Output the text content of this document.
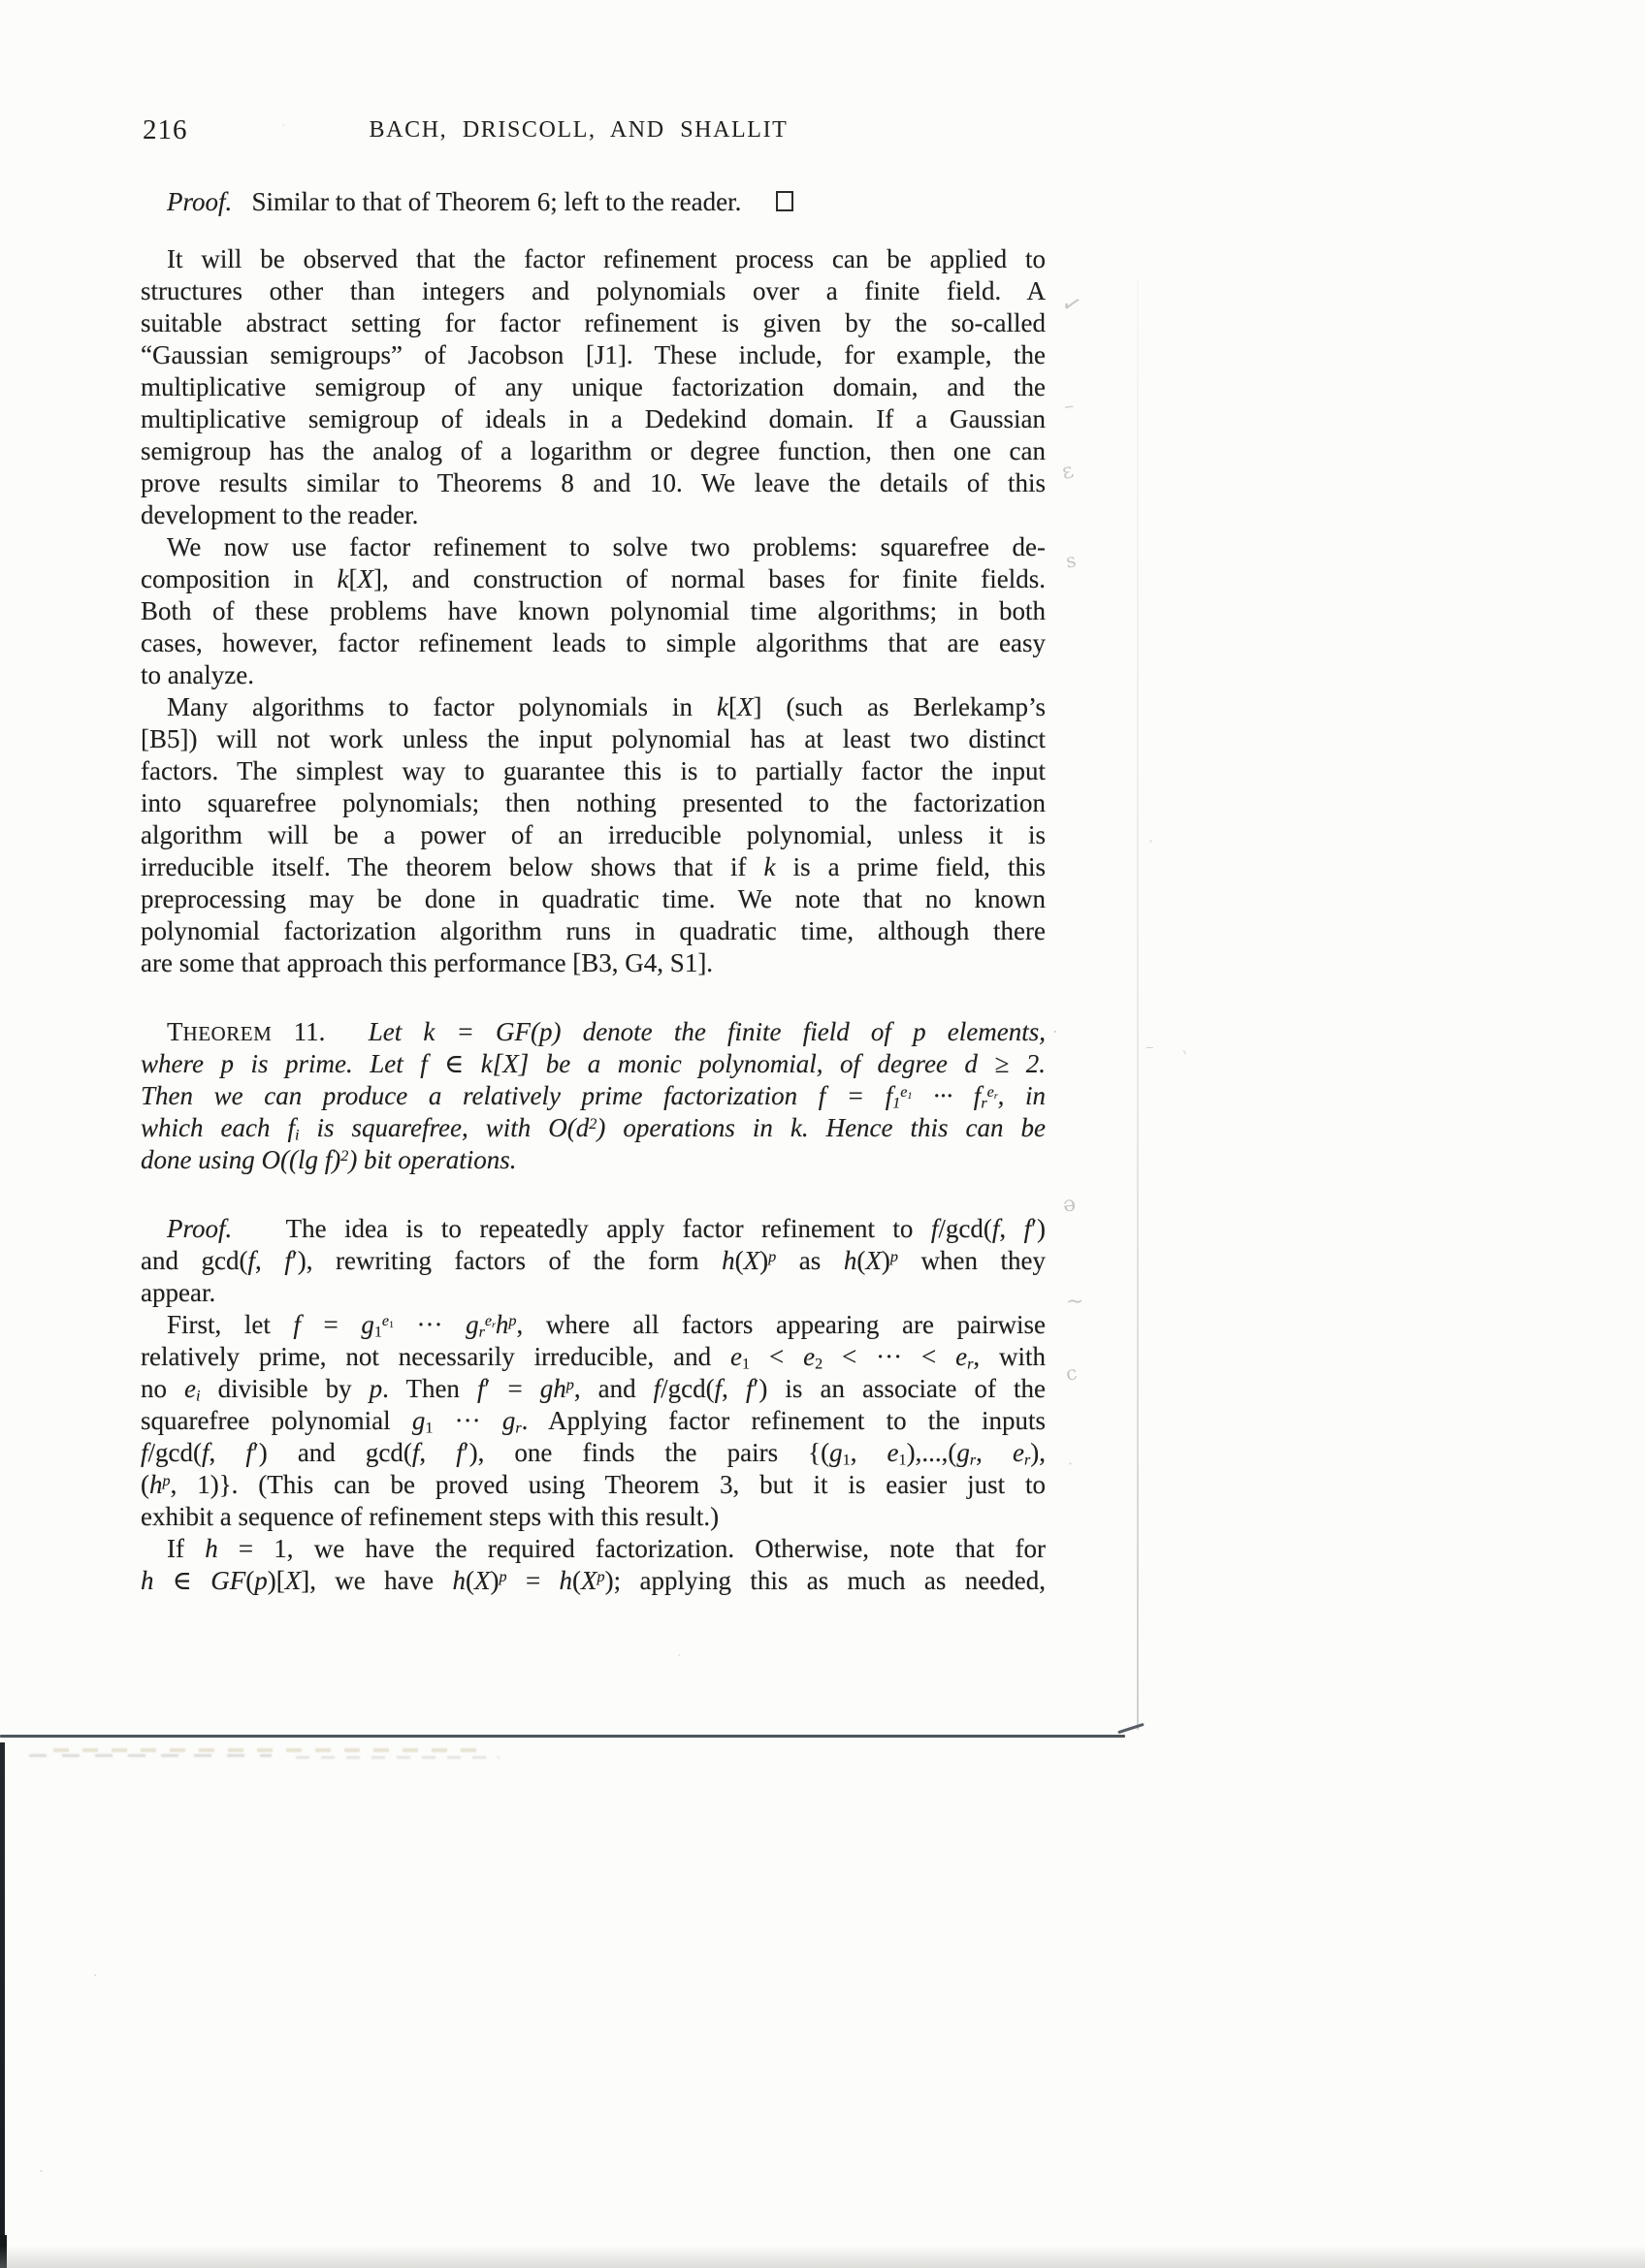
216	BACH, DRISCOLL, AND SHALLIT
Proof.   Similar to that of Theorem 6; left to the reader.
It will be observed that the factor refinement process can be applied to
structures other than integers and polynomials over a finite field. A
suitable abstract setting for factor refinement is given by the so-called
“Gaussian semigroups” of Jacobson [J1]. These include, for example, the
multiplicative semigroup of any unique factorization domain, and the
multiplicative semigroup of ideals in a Dedekind domain. If a Gaussian
semigroup has the analog of a logarithm or degree function, then one can
prove results similar to Theorems 8 and 10. We leave the details of this
development to the reader.
We now use factor refinement to solve two problems: squarefree de-
composition in k[X], and construction of normal bases for finite fields.
Both of these problems have known polynomial time algorithms; in both
cases, however, factor refinement leads to simple algorithms that are easy
to analyze.
Many algorithms to factor polynomials in k[X] (such as Berlekamp’s
[B5]) will not work unless the input polynomial has at least two distinct
factors. The simplest way to guarantee this is to partially factor the input
into squarefree polynomials; then nothing presented to the factorization
algorithm will be a power of an irreducible polynomial, unless it is
irreducible itself. The theorem below shows that if k is a prime field, this
preprocessing may be done in quadratic time. We note that no known
polynomial factorization algorithm runs in quadratic time, although there
are some that approach this performance [B3, G4, S1].
THEOREM 11. Let k = GF(p) denote the finite field of p elements,
where p is prime. Let f ∈ k[X] be a monic polynomial, of degree d ≥ 2.
Then we can produce a relatively prime factorization $f = f_1^{e_1}$ ··· $f_r^{e_r}$, in
which each $f_i$ is squarefree, with $O(d^2)$ operations in k. Hence this can be
done using O((lg f)$^2$) bit operations.
Proof.   The idea is to repeatedly apply factor refinement to f/gcd(f, f′)
and gcd(f, f′), rewriting factors of the form $h(X)^p$ as $h(X)^p$ when they
appear.
First, let $f = g_1^{e_1}$ ··· $g_r^{e_r}h^p$, where all factors appearing are pairwise
relatively prime, not necessarily irreducible, and $e_1 < e_2$ < ··· < $e_r$, with
no $e_i$ divisible by p. Then $f' = gh^p$, and f/gcd(f, f′) is an associate of the
squarefree polynomial $g_1$ ··· $g_r$. Applying factor refinement to the inputs
f/gcd(f, f′) and gcd(f, f′), one finds the pairs {($g_1$, $e_1),...,(g_r$, $e_r$),
($h^p$, 1)}. (This can be proved using Theorem 3, but it is easier just to
exhibit a sequence of refinement steps with this result.)
If h = 1, we have the required factorization. Otherwise, note that for
h ∈ GF(p)[X], we have $h(X)^p = h(X^p)$; applying this as much as needed,
✓
–
ε
s
·
·
–
`
ә
∼
c
·
·
·
·
·
